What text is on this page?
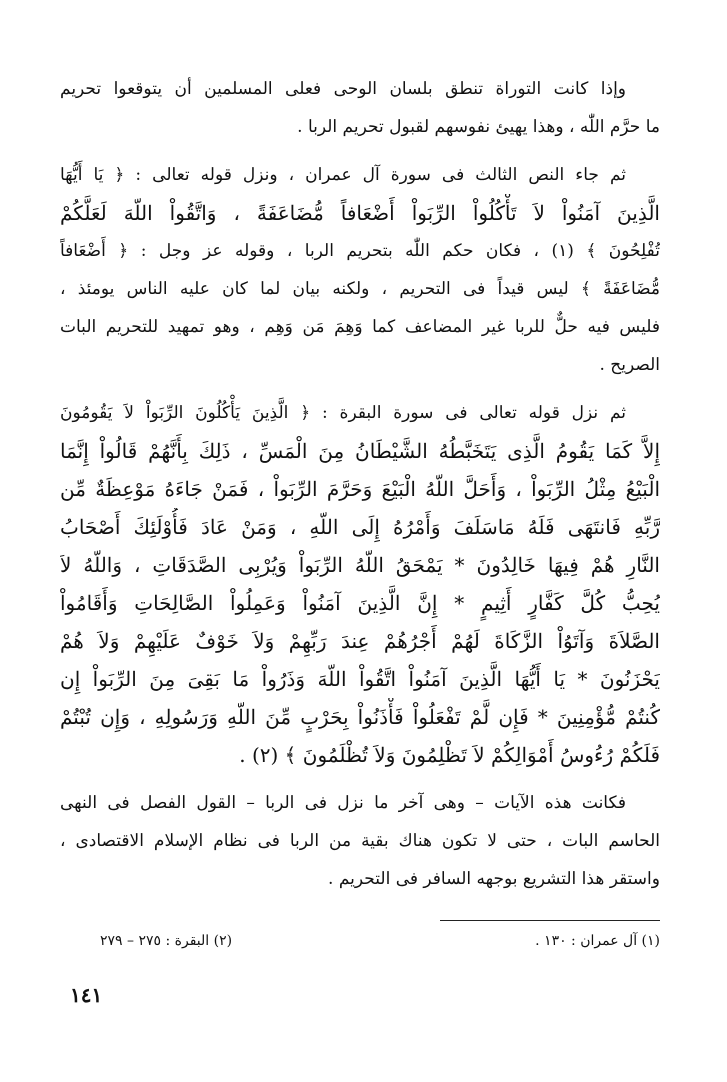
وإذا كانت التوراة تنطق بلسان الوحى فعلى المسلمين أن يتوقعوا تحريم
ما حرَّم اللّٰه ، وهذا يهيئ نفوسهم لقبول تحريم الربا .
ثم جاء النص الثالث فى سورة آل عمران ، ونزل قوله تعالى : ﴿ يَا أَيُّهَا
الَّذِينَ آمَنُواْ لاَ تَأْكُلُواْ الرِّبَواْ أَضْعَافاً مُّضَاعَفَةً ، وَاتَّقُواْ اللّهَ لَعَلَّكُمْ
تُفْلِحُونَ ﴾ (١) ، فكان حكم اللّٰه بتحريم الربا ، وقوله عز وجل : ﴿ أَضْعَافاً
مُّضَاعَفَةً ﴾ ليس قيداً فى التحريم ، ولكنه بيان لما كان عليه الناس يومئذ ،
فليس فيه حلٌّ للربا غير المضاعف كما وَهِمَ مَن وَهِم ، وهو تمهيد للتحريم البات
الصريح .
ثم نزل قوله تعالى فى سورة البقرة : ﴿ الَّذِينَ يَأْكُلُونَ الرِّبَواْ لاَ يَقُومُونَ
إِلاَّ كَمَا يَقُومُ الَّذِى يَتَخَبَّطُهُ الشَّيْطَانُ مِنَ الْمَسِّ ، ذَلِكَ بِأَنَّهُمْ قَالُواْ إِنَّمَا
الْبَيْعُ مِثْلُ الرِّبَواْ ، وَأَحَلَّ اللّهُ الْبَيْعَ وَحَرَّمَ الرِّبَواْ ، فَمَنْ جَاءَهُ مَوْعِظَةٌ مِّن
رَّبِّهِ فَانتَهَى فَلَهُ مَاسَلَفَ وَأَمْرُهُ إِلَى اللّهِ ، وَمَنْ عَادَ فَأُوْلَئِكَ أَصْحَابُ
النَّارِ هُمْ فِيهَا خَالِدُونَ * يَمْحَقُ اللّهُ الرِّبَواْ وَيُرْبِى الصَّدَقَاتِ ، وَاللّهُ لاَ
يُحِبُّ كُلَّ كَفَّارٍ أَثِيمٍ * إِنَّ الَّذِينَ آمَنُواْ وَعَمِلُواْ الصَّالِحَاتِ وَأَقَامُواْ
الصَّلاَةَ وَآتَوُاْ الزَّكَاةَ لَهُمْ أَجْرُهُمْ عِندَ رَبِّهِمْ وَلاَ خَوْفٌ عَلَيْهِمْ وَلاَ هُمْ
يَحْزَنُونَ * يَا أَيُّهَا الَّذِينَ آمَنُواْ اتَّقُواْ اللّهَ وَذَرُواْ مَا بَقِىَ مِنَ الرِّبَواْ إِن
كُنتُمْ مُّؤْمِنِينَ * فَإِن لَّمْ تَفْعَلُواْ فَأْذَنُواْ بِحَرْبٍ مِّنَ اللّهِ وَرَسُولِهِ ، وَإِن تُبْتُمْ
فَلَكُمْ رُءُوسُ أَمْوَالِكُمْ لاَ تَظْلِمُونَ وَلاَ تُظْلَمُونَ ﴾ (٢) .
فكانت هذه الآيات – وهى آخر ما نزل فى الربا – القول الفصل فى النهى
الحاسم البات ، حتى لا تكون هناك بقية من الربا فى نظام الإسلام الاقتصادى ،
واستقر هذا التشريع بوجهه السافر فى التحريم .
(١) آل عمران : ١٣٠ .
(٢) البقرة : ٢٧٥ – ٢٧٩
١٤١
